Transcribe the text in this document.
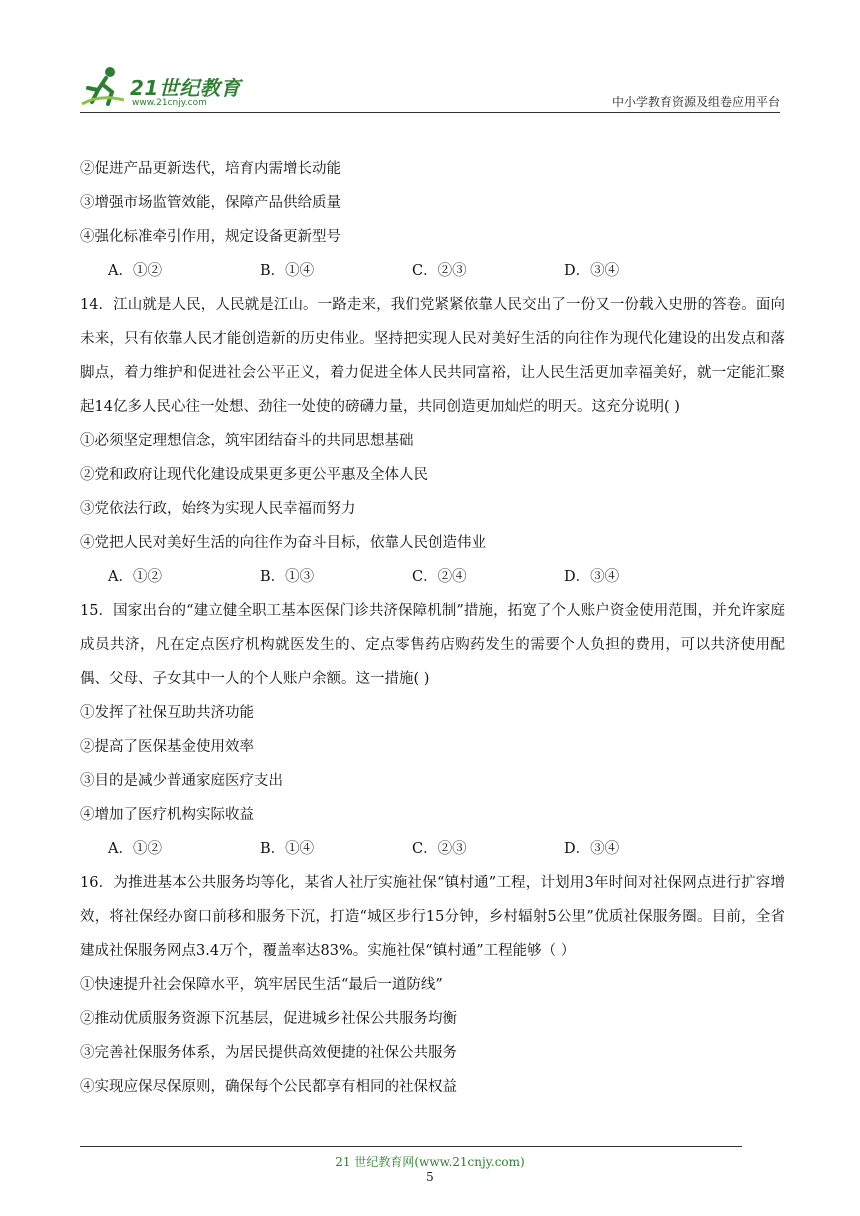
21世纪教育
www.21cnjy.com	中小学教育资源及组卷应用平台
②促进产品更新迭代，培育内需增长动能
③增强市场监管效能，保障产品供给质量
④强化标准牵引作用，规定设备更新型号
A．①②	B．①④	C．②③	D．③④
14．江山就是人民，人民就是江山。一路走来，我们党紧紧依靠人民交出了一份又一份载入史册的答卷。面向未来，只有依靠人民才能创造新的历史伟业。坚持把实现人民对美好生活的向往作为现代化建设的出发点和落脚点，着力维护和促进社会公平正义，着力促进全体人民共同富裕，让人民生活更加幸福美好，就一定能汇聚起14亿多人民心往一处想、劲往一处使的磅礴力量，共同创造更加灿烂的明天。这充分说明( )
①必须坚定理想信念，筑牢团结奋斗的共同思想基础
②党和政府让现代化建设成果更多更公平惠及全体人民
③党依法行政，始终为实现人民幸福而努力
④党把人民对美好生活的向往作为奋斗目标，依靠人民创造伟业
A．①②	B．①③	C．②④	D．③④
15．国家出台的“建立健全职工基本医保门诊共济保障机制”措施，拓宽了个人账户资金使用范围，并允许家庭成员共济，凡在定点医疗机构就医发生的、定点零售药店购药发生的需要个人负担的费用，可以共济使用配偶、父母、子女其中一人的个人账户余额。这一措施( )
①发挥了社保互助共济功能
②提高了医保基金使用效率
③目的是减少普通家庭医疗支出
④增加了医疗机构实际收益
A．①②	B．①④	C．②③	D．③④
16．为推进基本公共服务均等化，某省人社厅实施社保“镇村通”工程，计划用3年时间对社保网点进行扩容增效，将社保经办窗口前移和服务下沉，打造“城区步行15分钟，乡村辐射5公里”优质社保服务圈。目前，全省建成社保服务网点3.4万个，覆盖率达83%。实施社保“镇村通”工程能够（ ）
①快速提升社会保障水平，筑牢居民生活“最后一道防线”
②推动优质服务资源下沉基层，促进城乡社保公共服务均衡
③完善社保服务体系，为居民提供高效便捷的社保公共服务
④实现应保尽保原则，确保每个公民都享有相同的社保权益
21 世纪教育网(www.21cnjy.com)
5
